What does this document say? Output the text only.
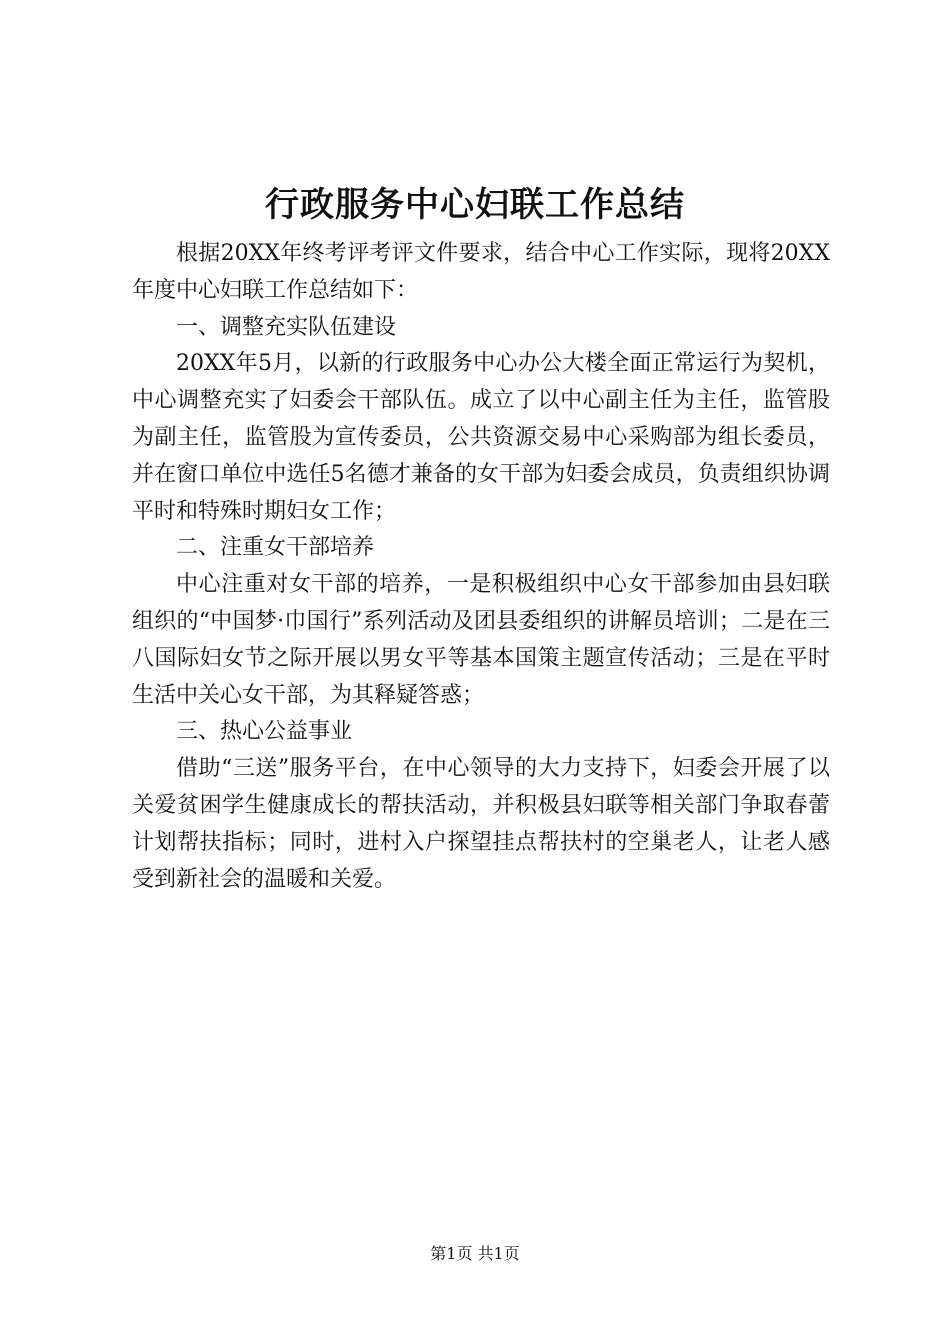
行政服务中心妇联工作总结

根据20XX年终考评考评文件要求，结合中心工作实际，现将20XX年度中心妇联工作总结如下：

一、调整充实队伍建设

20XX年5月，以新的行政服务中心办公大楼全面正常运行为契机，中心调整充实了妇委会干部队伍。成立了以中心副主任为主任，监管股为副主任，监管股为宣传委员，公共资源交易中心采购部为组长委员，并在窗口单位中选任5名德才兼备的女干部为妇委会成员，负责组织协调平时和特殊时期妇女工作；

二、注重女干部培养

中心注重对女干部的培养，一是积极组织中心女干部参加由县妇联组织的“中国梦·巾国行”系列活动及团县委组织的讲解员培训；二是在三八国际妇女节之际开展以男女平等基本国策主题宣传活动；三是在平时生活中关心女干部，为其释疑答惑；

三、热心公益事业

借助“三送”服务平台，在中心领导的大力支持下，妇委会开展了以关爱贫困学生健康成长的帮扶活动，并积极县妇联等相关部门争取春蕾计划帮扶指标；同时，进村入户探望挂点帮扶村的空巢老人，让老人感受到新社会的温暖和关爱。

第1页 共1页
